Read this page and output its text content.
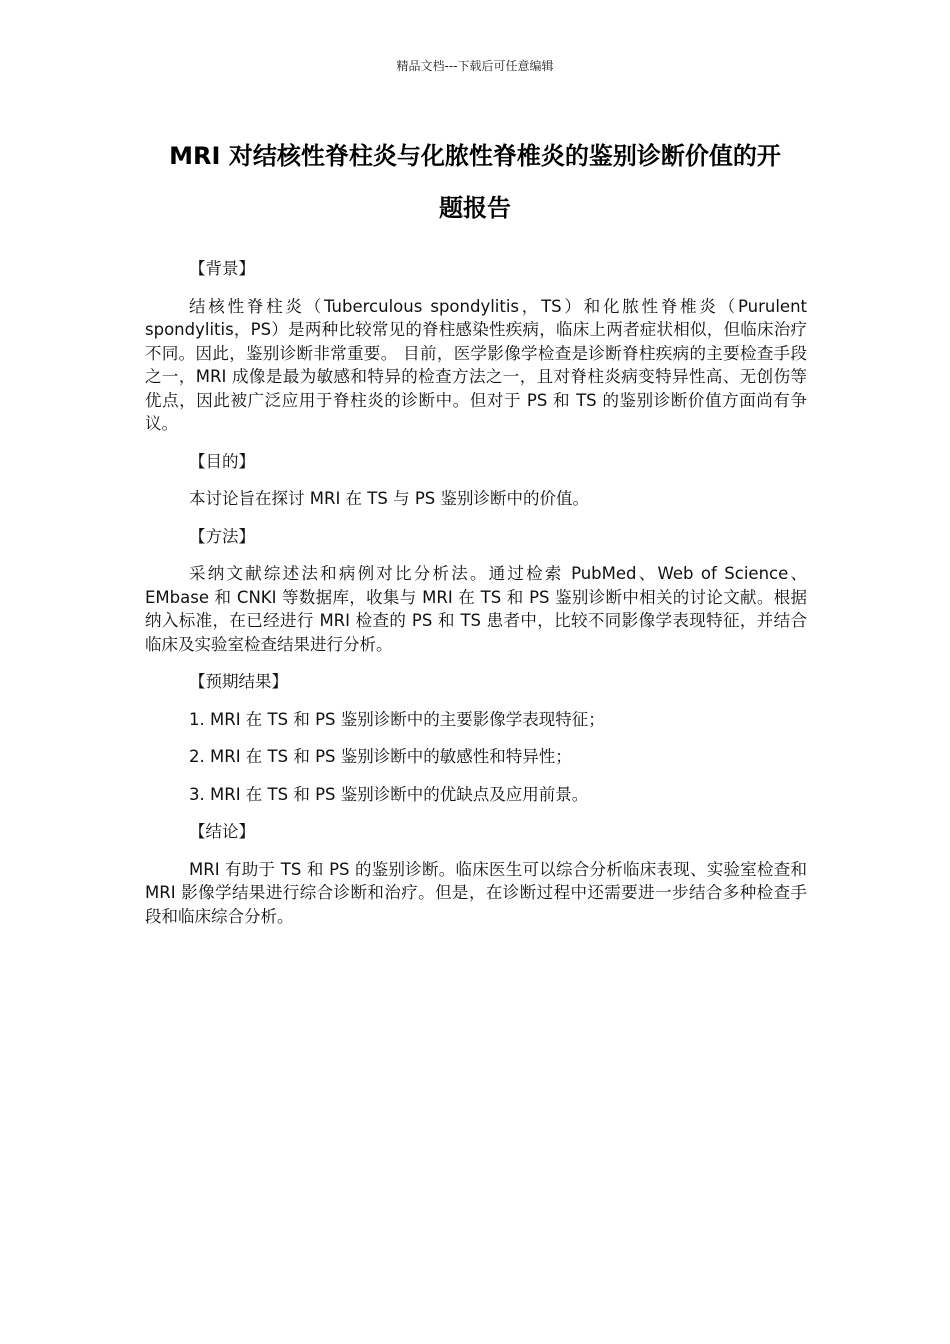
精品文档---下载后可任意编辑
MRI 对结核性脊柱炎与化脓性脊椎炎的鉴别诊断价值的开
题报告
【背景】

结核性脊柱炎（Tuberculous spondylitis，TS）和化脓性脊椎炎（Purulent spondylitis，PS）是两种比较常见的脊柱感染性疾病，临床上两者症状相似，但临床治疗不同。因此，鉴别诊断非常重要。 目前，医学影像学检查是诊断脊柱疾病的主要检查手段之一，MRI 成像是最为敏感和特异的检查方法之一，且对脊柱炎病变特异性高、无创伤等优点，因此被广泛应用于脊柱炎的诊断中。但对于 PS 和 TS 的鉴别诊断价值方面尚有争议。

【目的】

本讨论旨在探讨 MRI 在 TS 与 PS 鉴别诊断中的价值。

【方法】

采纳文献综述法和病例对比分析法。通过检索 PubMed、Web of Science、EMbase 和 CNKI 等数据库，收集与 MRI 在 TS 和 PS 鉴别诊断中相关的讨论文献。根据纳入标准，在已经进行 MRI 检查的 PS 和 TS 患者中，比较不同影像学表现特征，并结合临床及实验室检查结果进行分析。

【预期结果】
1. MRI 在 TS 和 PS 鉴别诊断中的主要影像学表现特征；
2. MRI 在 TS 和 PS 鉴别诊断中的敏感性和特异性；
3. MRI 在 TS 和 PS 鉴别诊断中的优缺点及应用前景。
【结论】

MRI 有助于 TS 和 PS 的鉴别诊断。临床医生可以综合分析临床表现、实验室检查和 MRI 影像学结果进行综合诊断和治疗。但是，在诊断过程中还需要进一步结合多种检查手段和临床综合分析。
